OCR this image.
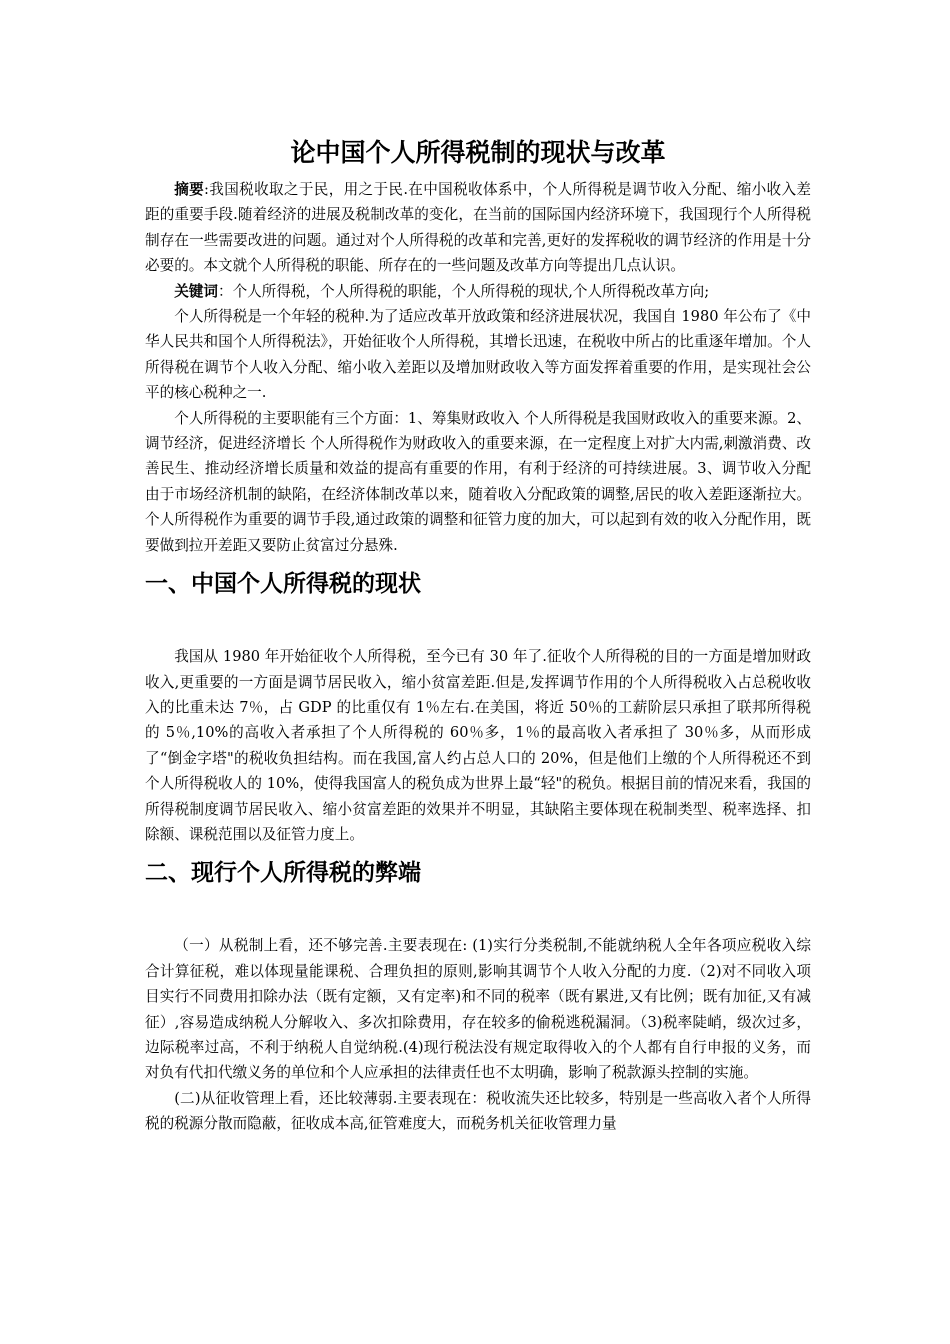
论中国个人所得税制的现状与改革

摘要:我国税收取之于民，用之于民.在中国税收体系中，个人所得税是调节收入分配、缩小收入差距的重要手段.随着经济的进展及税制改革的变化，在当前的国际国内经济环境下，我国现行个人所得税制存在一些需要改进的问题。通过对个人所得税的改革和完善,更好的发挥税收的调节经济的作用是十分必要的。本文就个人所得税的职能、所存在的一些问题及改革方向等提出几点认识。

关键词：个人所得税，个人所得税的职能，个人所得税的现状,个人所得税改革方向;

个人所得税是一个年轻的税种.为了适应改革开放政策和经济进展状况，我国自 1980 年公布了《中华人民共和国个人所得税法》，开始征收个人所得税，其增长迅速，在税收中所占的比重逐年增加。个人所得税在调节个人收入分配、缩小收入差距以及增加财政收入等方面发挥着重要的作用，是实现社会公平的核心税种之一.

个人所得税的主要职能有三个方面：1、筹集财政收入 个人所得税是我国财政收入的重要来源。2、调节经济，促进经济增长 个人所得税作为财政收入的重要来源，在一定程度上对扩大内需,刺激消费、改善民生、推动经济增长质量和效益的提高有重要的作用，有利于经济的可持续进展。3、调节收入分配 由于市场经济机制的缺陷，在经济体制改革以来，随着收入分配政策的调整,居民的收入差距逐渐拉大。个人所得税作为重要的调节手段,通过政策的调整和征管力度的加大，可以起到有效的收入分配作用，既要做到拉开差距又要防止贫富过分悬殊.

一、中国个人所得税的现状

我国从 1980 年开始征收个人所得税，至今已有 30 年了.征收个人所得税的目的一方面是增加财政收入,更重要的一方面是调节居民收入，缩小贫富差距.但是,发挥调节作用的个人所得税收入占总税收收入的比重未达 7％，占 GDP 的比重仅有 1％左右.在美国，将近 50％的工薪阶层只承担了联邦所得税的 5％,10%的高收入者承担了个人所得税的 60％多，1％的最高收入者承担了 30％多，从而形成了“倒金字塔"的税收负担结构。而在我国,富人约占总人口的 20%，但是他们上缴的个人所得税还不到个人所得税收人的 10%，使得我国富人的税负成为世界上最“轻"的税负。根据目前的情况来看，我国的所得税制度调节居民收入、缩小贫富差距的效果并不明显，其缺陷主要体现在税制类型、税率选择、扣除额、课税范围以及征管力度上。

二、现行个人所得税的弊端

（一）从税制上看，还不够完善.主要表现在: (1)实行分类税制,不能就纳税人全年各项应税收入综合计算征税，难以体现量能课税、合理负担的原则,影响其调节个人收入分配的力度.（2)对不同收入项目实行不同费用扣除办法（既有定额，又有定率)和不同的税率（既有累进,又有比例；既有加征,又有减征）,容易造成纳税人分解收入、多次扣除费用，存在较多的偷税逃税漏洞。（3)税率陡峭，级次过多，边际税率过高，不利于纳税人自觉纳税.(4)现行税法没有规定取得收入的个人都有自行申报的义务，而对负有代扣代缴义务的单位和个人应承担的法律责任也不太明确，影响了税款源头控制的实施。

(二)从征收管理上看，还比较薄弱.主要表现在：税收流失还比较多，特别是一些高收入者个人所得税的税源分散而隐蔽，征收成本高,征管难度大，而税务机关征收管理力量
